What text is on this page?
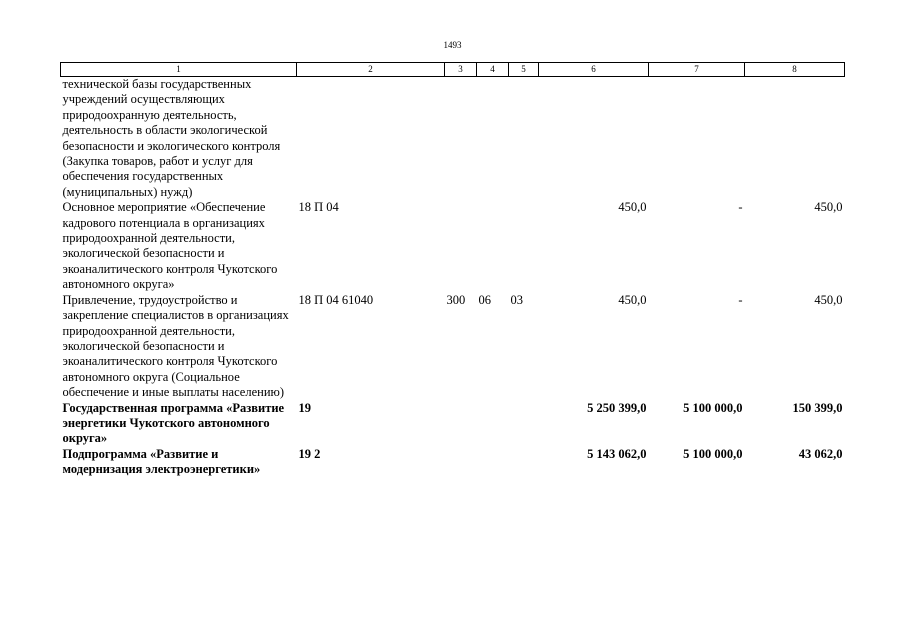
1493
1	2	3	4	5	6	7	8
технической базы государственных учреждений осуществляющих природоохранную деятельность, деятельность в области экологической безопасности и экологического контроля (Закупка товаров, работ и услуг для обеспечения государственных (муниципальных) нужд)							
Основное мероприятие «Обеспечение кадрового потенциала в организациях природоохранной деятельности, экологической безопасности и экоаналитического контроля Чукотского автономного округа»	18 П 04				450,0	-	450,0
Привлечение, трудоустройство и закрепление специалистов в организациях природоохранной деятельности, экологической безопасности и экоаналитического контроля Чукотского автономного округа (Социальное обеспечение и иные выплаты населению)	18 П 04 61040	300	06	03	450,0	-	450,0
Государственная программа «Развитие энергетики Чукотского автономного округа»	19				5 250 399,0	5 100 000,0	150 399,0
Подпрограмма «Развитие и модернизация электроэнергетики»	19 2				5 143 062,0	5 100 000,0	43 062,0
